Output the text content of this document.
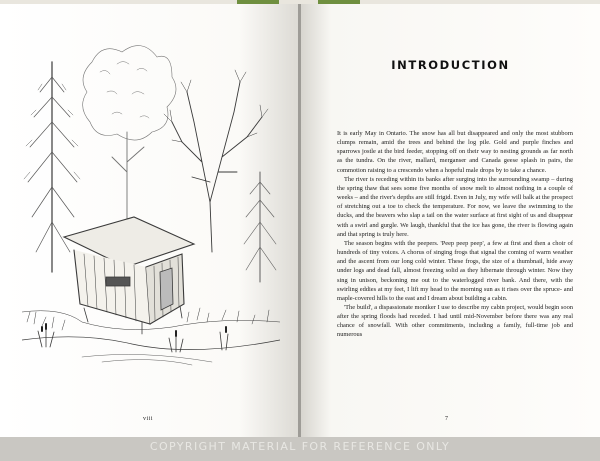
viii
INTRODUCTION

It is early May in Ontario. The snow has all but disappeared and only the most stubborn clumps remain, amid the trees and behind the log pile. Gold and purple finches and sparrows jostle at the bird feeder, stopping off on their way to nesting grounds as far north as the tundra. On the river, mallard, merganser and Canada geese splash in pairs, the commotion raising to a crescendo when a hopeful male drops by to take a chance.

The river is receding within its banks after surging into the surrounding swamp – during the spring thaw that sees some five months of snow melt to almost nothing in a couple of weeks – and the river's depths are still frigid. Even in July, my wife will balk at the prospect of stretching out a toe to check the temperature. For now, we leave the swimming to the ducks, and the beavers who slap a tail on the water surface at first sight of us and disappear with a swirl and gurgle. We laugh, thankful that the ice has gone, the river is flowing again and that spring is truly here.

The season begins with the peepers. 'Peep peep peep', a few at first and then a choir of hundreds of tiny voices. A chorus of singing frogs that signal the coming of warm weather and the ascent from our long cold winter. These frogs, the size of a thumbnail, hide away under logs and dead fall, almost freezing solid as they hibernate through winter. Now they sing in unison, beckoning me out to the waterlogged river bank. And there, with the swirling eddies at my feet, I lift my head to the morning sun as it rises over the spruce- and maple-covered hills to the east and I dream about building a cabin.

'The build', a dispassionate moniker I use to describe my cabin project, would begin soon after the spring floods had receded. I had until mid-November before there was any real chance of snowfall. With other commitments, including a family, full-time job and numerous

7
COPYRIGHT MATERIAL FOR REFERENCE ONLY
